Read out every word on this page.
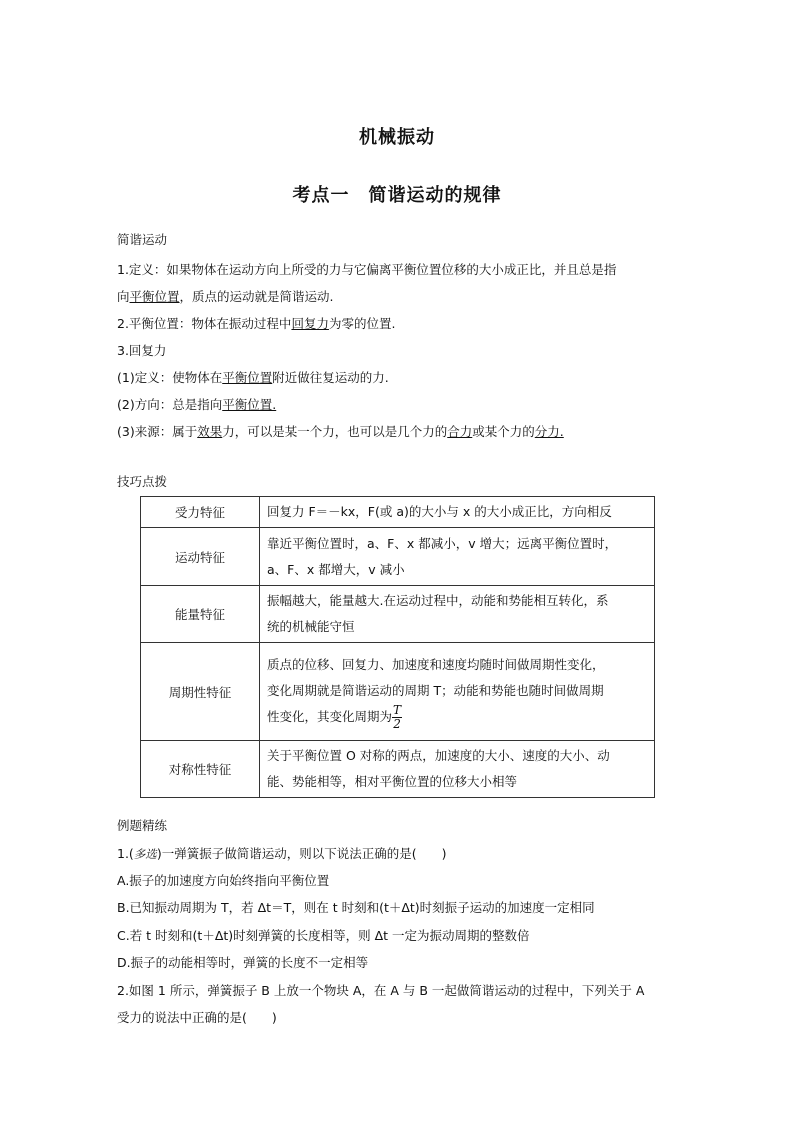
机械振动
考点一　简谐运动的规律
简谐运动
1.定义：如果物体在运动方向上所受的力与它偏离平衡位置位移的大小成正比，并且总是指
向平衡位置，质点的运动就是简谐运动.
2.平衡位置：物体在振动过程中回复力为零的位置.
3.回复力
(1)定义：使物体在平衡位置附近做往复运动的力.
(2)方向：总是指向平衡位置.
(3)来源：属于效果力，可以是某一个力，也可以是几个力的合力或某个力的分力.
技巧点拨
受力特征	回复力 F＝－kx，F(或 a)的大小与 x 的大小成正比，方向相反

运动特征	靠近平衡位置时，a、F、x 都减小，v 增大；远离平衡位置时，
a、F、x 都增大，v 减小

能量特征	振幅越大，能量越大.在运动过程中，动能和势能相互转化，系
统的机械能守恒

周期性特征	质点的位移、回复力、加速度和速度均随时间做周期性变化，
变化周期就是简谐运动的周期 T；动能和势能也随时间做周期
性变化，其变化周期为 $\frac{T}{2}$

对称性特征	关于平衡位置 O 对称的两点，加速度的大小、速度的大小、动
能、势能相等，相对平衡位置的位移大小相等
例题精练
1.(多选)一弹簧振子做简谐运动，则以下说法正确的是(　　)
A.振子的加速度方向始终指向平衡位置
B.已知振动周期为 T，若 Δt＝T，则在 t 时刻和(t＋Δt)时刻振子运动的加速度一定相同
C.若 t 时刻和(t＋Δt)时刻弹簧的长度相等，则 Δt 一定为振动周期的整数倍
D.振子的动能相等时，弹簧的长度不一定相等
2.如图 1 所示，弹簧振子 B 上放一个物块 A，在 A 与 B 一起做简谐运动的过程中，下列关于 A
受力的说法中正确的是(　　)
